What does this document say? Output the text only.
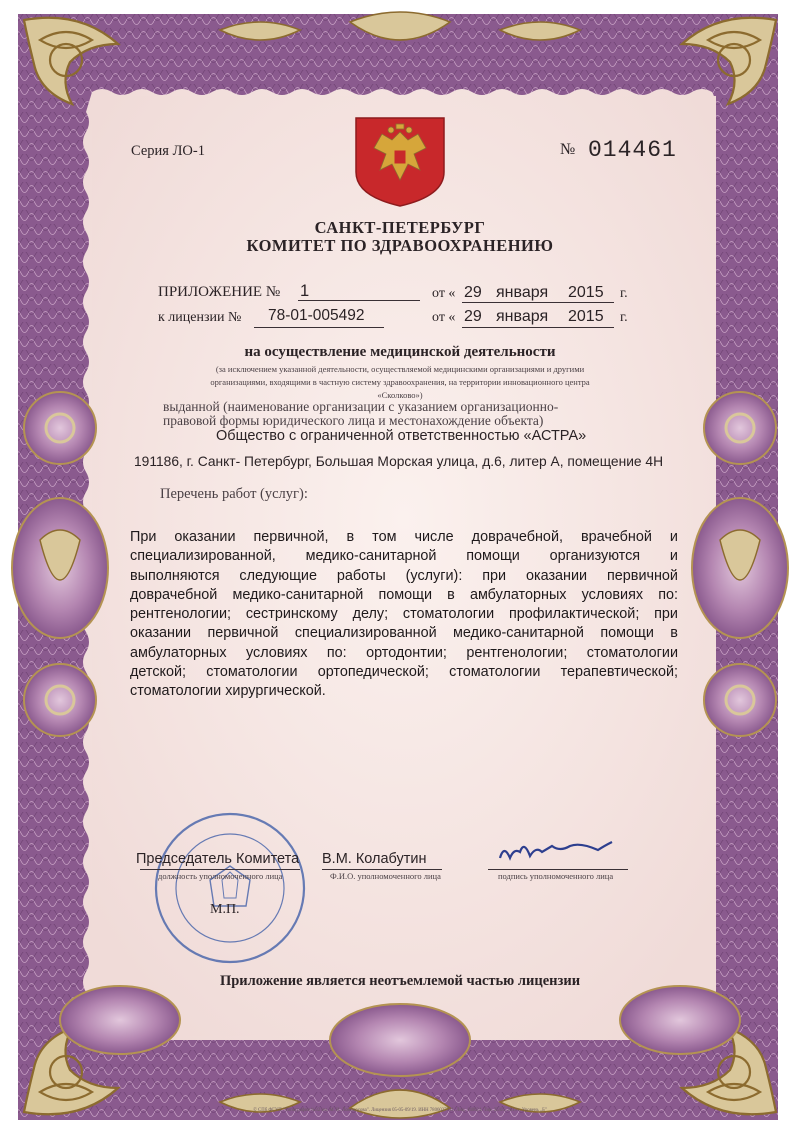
Серия ЛО-1	№ 014461
САНКТ-ПЕТЕРБУРГ
КОМИТЕТ ПО ЗДРАВООХРАНЕНИЮ
ПРИЛОЖЕНИЕ № 1	от « 29 января 2015 г.
к лицензии № 78-01-005492	от « 29 января 2015 г.
на осуществление медицинской деятельности
(за исключением указанной деятельности, осуществляемой медицинскими организациями и другими
организациями, входящими в частную систему здравоохранения, на территории инновационного центра
«Сколково»)
выданной (наименование организации с указанием организационно-
правовой формы юридического лица и местонахождение объекта)
Общество с ограниченной ответственностью «АСТРА»
191186, г. Санкт- Петербург, Большая Морская улица, д.6, литер А, помещение 4Н
Перечень работ (услуг):
При оказании первичной, в том числе доврачебной, врачебной и
специализированной, медико-санитарной помощи организуются и
выполняются следующие работы (услуги): при оказании первичной
доврачебной медико-санитарной помощи в амбулаторных условиях по:
рентгенологии; сестринскому делу; стоматологии профилактической; при
оказании первичной специализированной медико-санитарной помощи в
амбулаторных условиях по: ортодонтии; рентгенологии; стоматологии
детской; стоматологии ортопедической; стоматологии терапевтической;
стоматологии хирургической.
Председатель Комитета
должность уполномоченного лица
В.М. Колабутин
Ф.И.О. уполномоченного лица	подпись уполномоченного лица
М.П.
Приложение является неотъемлемой частью лицензии
© СПб ФГУП "Типография №32 им. М. И. Ломоносова". Лицензия 05-05-09/19. ИНН 7806027741. Лиц. 140024. Тир. 25/05. 2013 г. Уровень „Б"
